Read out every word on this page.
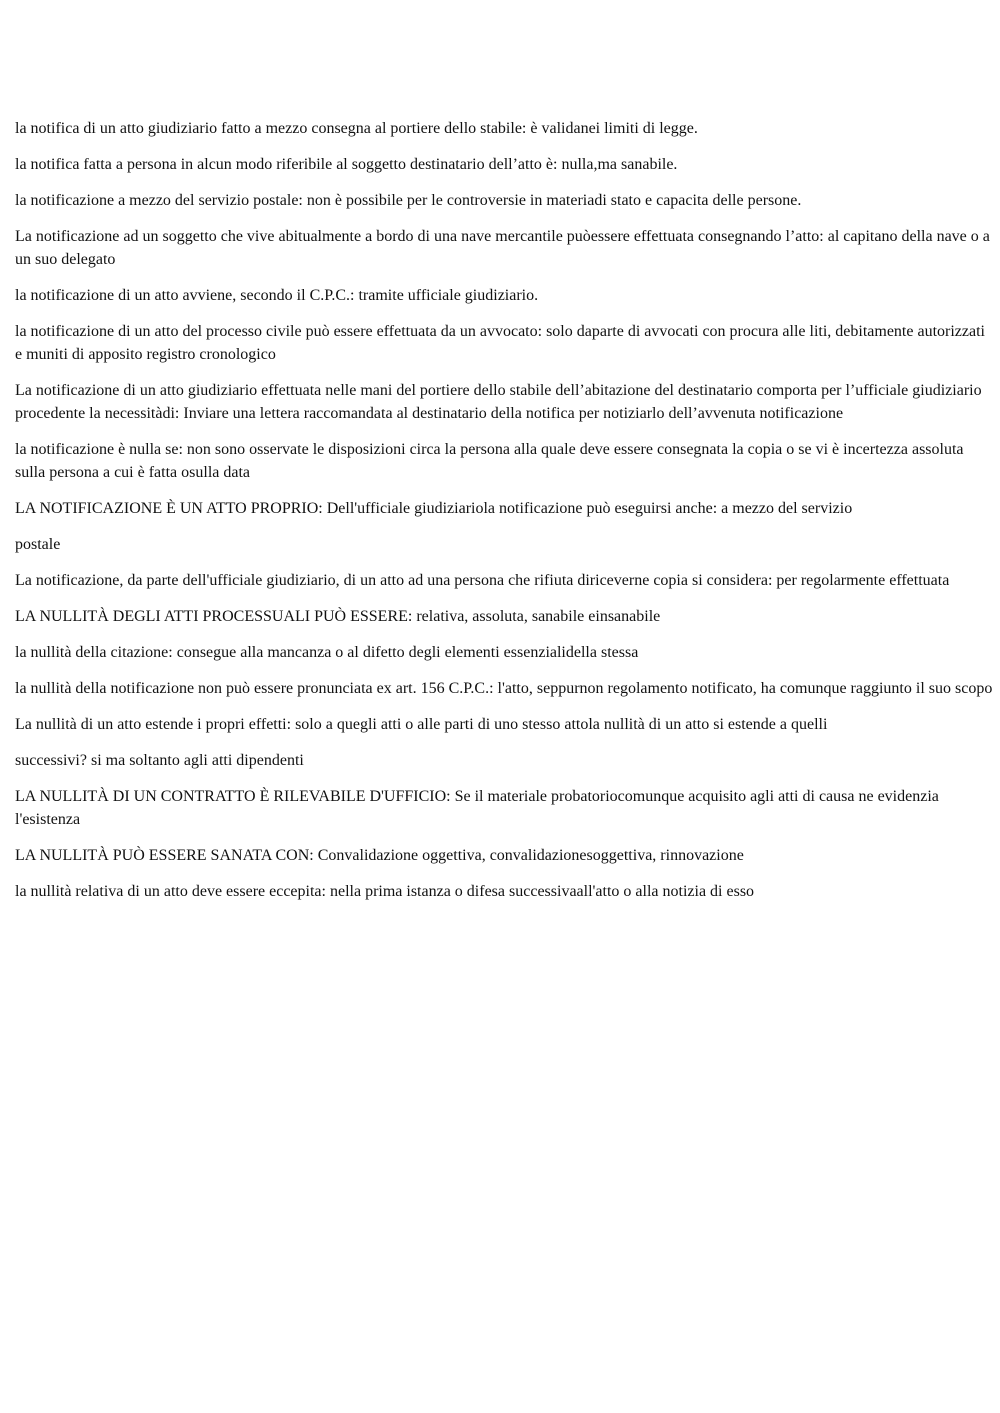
la notifica di un atto giudiziario fatto a mezzo consegna al portiere dello stabile: è validanei limiti di legge.

la notifica fatta a persona in alcun modo riferibile al soggetto destinatario dell’atto è: nulla,ma sanabile.

la notificazione a mezzo del servizio postale: non è possibile per le controversie in materiadi stato e capacita delle persone.

La notificazione ad un soggetto che vive abitualmente a bordo di una nave mercantile puòessere effettuata consegnando l’atto: al capitano della nave o a un suo delegato

la notificazione di un atto avviene, secondo il C.P.C.: tramite ufficiale giudiziario.

la notificazione di un atto del processo civile può essere effettuata da un avvocato: solo daparte di avvocati con procura alle liti, debitamente autorizzati e muniti di apposito registro cronologico

La notificazione di un atto giudiziario effettuata nelle mani del portiere dello stabile dell’abitazione del destinatario comporta per l’ufficiale giudiziario procedente la necessitàdi: Inviare una lettera raccomandata al destinatario della notifica per notiziarlo dell’avvenuta notificazione

la notificazione è nulla se: non sono osservate le disposizioni circa la persona alla quale deve essere consegnata la copia o se vi è incertezza assoluta sulla persona a cui è fatta osulla data

LA NOTIFICAZIONE È UN ATTO PROPRIO: Dell'ufficiale giudiziariola notificazione può eseguirsi anche: a mezzo del servizio

postale

La notificazione, da parte dell'ufficiale giudiziario, di un atto ad una persona che rifiuta diriceverne copia si considera: per regolarmente effettuata

LA NULLITÀ DEGLI ATTI PROCESSUALI PUÒ ESSERE: relativa, assoluta, sanabile einsanabile

la nullità della citazione: consegue alla mancanza o al difetto degli elementi essenzialidella stessa

la nullità della notificazione non può essere pronunciata ex art. 156 C.P.C.: l'atto, seppurnon regolamento notificato, ha comunque raggiunto il suo scopo

La nullità di un atto estende i propri effetti: solo a quegli atti o alle parti di uno stesso attola nullità di un atto si estende a quelli

successivi? si ma soltanto agli atti dipendenti

LA NULLITÀ DI UN CONTRATTO È RILEVABILE D'UFFICIO: Se il materiale probatoriocomunque acquisito agli atti di causa ne evidenzia l'esistenza

LA NULLITÀ PUÒ ESSERE SANATA CON: Convalidazione oggettiva, convalidazionesoggettiva, rinnovazione

la nullità relativa di un atto deve essere eccepita: nella prima istanza o difesa successivaall'atto o alla notizia di esso
